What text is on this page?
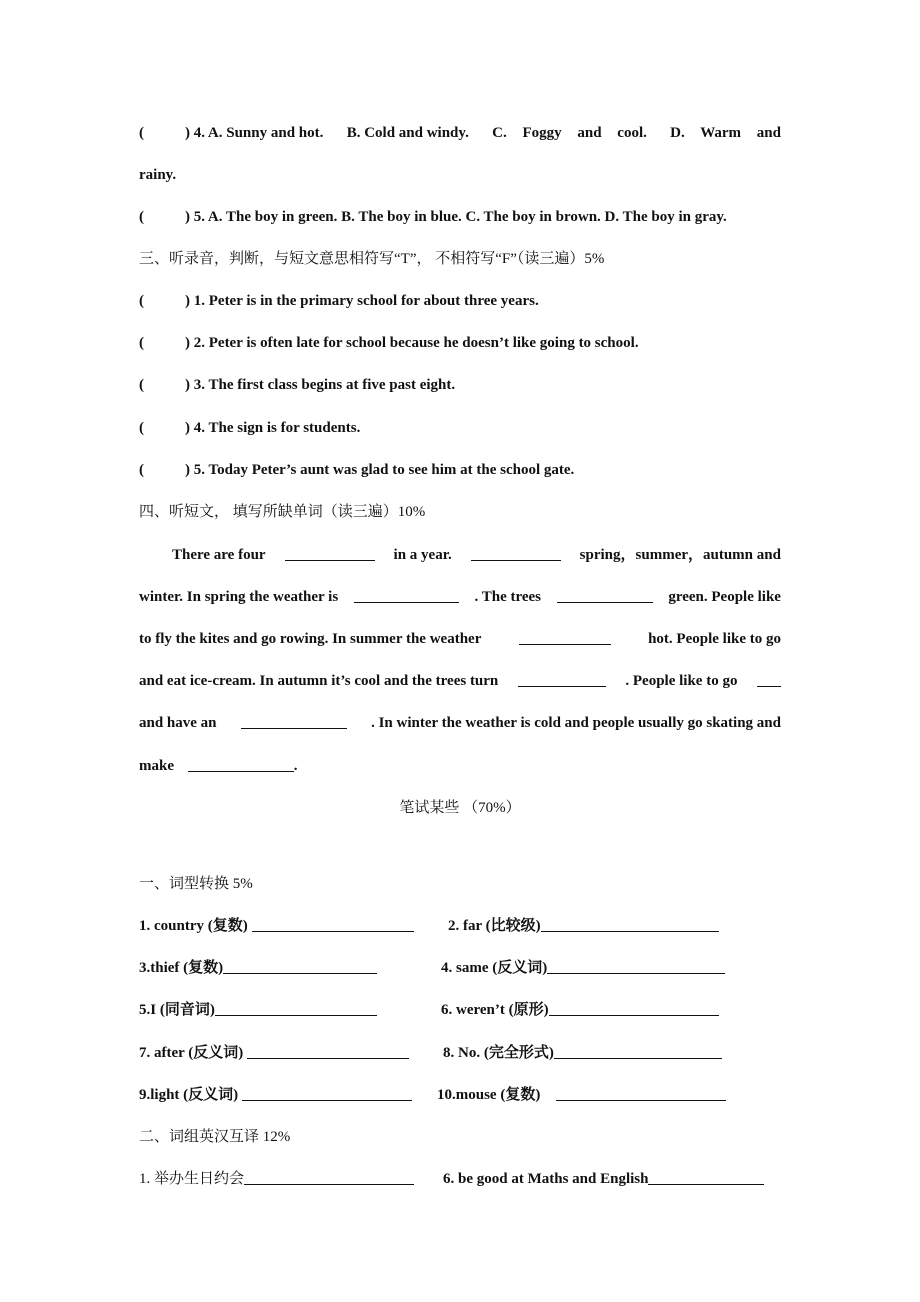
(	) 4. A. Sunny and hot. B. Cold and windy. C. Foggy and cool. D. Warm and
rainy.
(	) 5. A. The boy in green. B. The boy in blue. C. The boy in brown. D. The boy in gray.
三、听录音，判断，与短文意思相符写“T”， 不相符写“F”（读三遍）5%
(	) 1. Peter is in the primary school for about three years.
(	) 2. Peter is often late for school because he doesn’t like going to school.
(	) 3. The first class begins at five past eight.
(	) 4. The sign is for students.
(	) 5. Today Peter’s aunt was glad to see him at the school gate.
四、听短文， 填写所缺单词（读三遍）10%
There are four	in a year.	spring，summer，autumn and
winter. In spring the weather is	. The trees	green. People like
to fly the kites and go rowing. In summer the weather	hot. People like to go
and eat ice-cream. In autumn it’s cool and the trees turn	. People like to go
and have an	. In winter the weather is cold and people usually go skating and
make	.
笔试某些 （70%）
一、词型转换 5%
1. country (复数)	2. far (比较级)
3.thief (复数)	4. same (反义词)
5.I (同音词)	6. weren’t (原形)
7. after (反义词)	8. No. (完全形式)
9.light (反义词)	10.mouse (复数)
二、词组英汉互译 12%
1. 举办生日约会	6. be good at Maths and English
